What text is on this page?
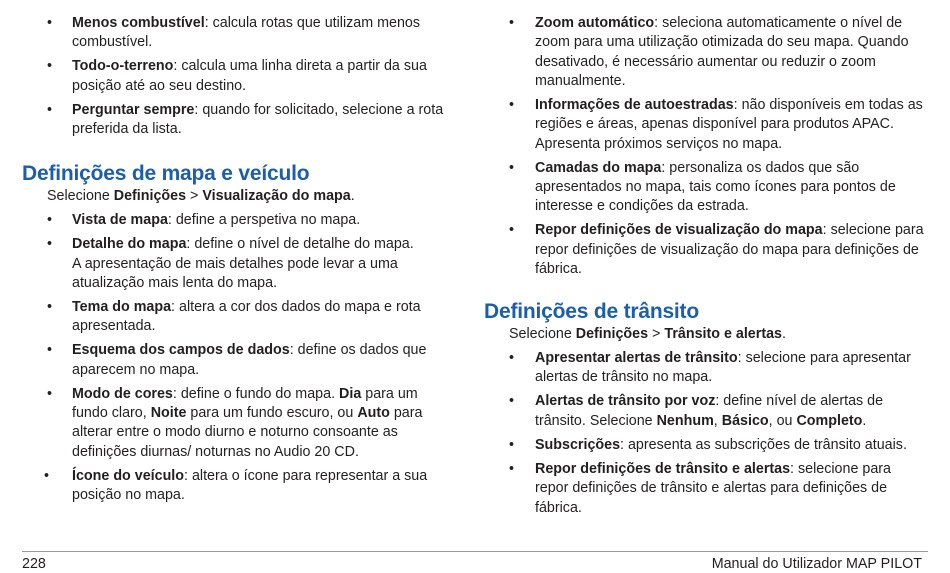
• Menos combustível: calcula rotas que utilizam menos combustível.
• Todo-o-terreno: calcula uma linha direta a partir da sua posição até ao seu destino.
• Perguntar sempre: quando for solicitado, selecione a rota preferida da lista.
Definições de mapa e veículo

Selecione Definições > Visualização do mapa.

• Vista de mapa: define a perspetiva no mapa.
• Detalhe do mapa: define o nível de detalhe do mapa.
A apresentação de mais detalhes pode levar a uma atualização mais lenta do mapa.
• Tema do mapa: altera a cor dos dados do mapa e rota apresentada.
• Esquema dos campos de dados: define os dados que aparecem no mapa.
• Modo de cores: define o fundo do mapa. Dia para um fundo claro, Noite para um fundo escuro, ou Auto para alterar entre o modo diurno e noturno consoante as definições diurnas/ noturnas no Audio 20 CD.
• Ícone do veículo: altera o ícone para representar a sua posição no mapa.
• Zoom automático: seleciona automaticamente o nível de zoom para uma utilização otimizada do seu mapa. Quando desativado, é necessário aumentar ou reduzir o zoom manualmente.
• Informações de autoestradas: não disponíveis em todas as regiões e áreas, apenas disponível para produtos APAC. Apresenta próximos serviços no mapa.
• Camadas do mapa: personaliza os dados que são apresentados no mapa, tais como ícones para pontos de interesse e condições da estrada.
• Repor definições de visualização do mapa: selecione para repor definições de visualização do mapa para definições de fábrica.
Definições de trânsito

Selecione Definições > Trânsito e alertas.

• Apresentar alertas de trânsito: selecione para apresentar alertas de trânsito no mapa.
• Alertas de trânsito por voz: define nível de alertas de trânsito. Selecione Nenhum, Básico, ou Completo.
• Subscrições: apresenta as subscrições de trânsito atuais.
• Repor definições de trânsito e alertas: selecione para repor definições de trânsito e alertas para definições de fábrica.
228	Manual do Utilizador MAP PILOT
